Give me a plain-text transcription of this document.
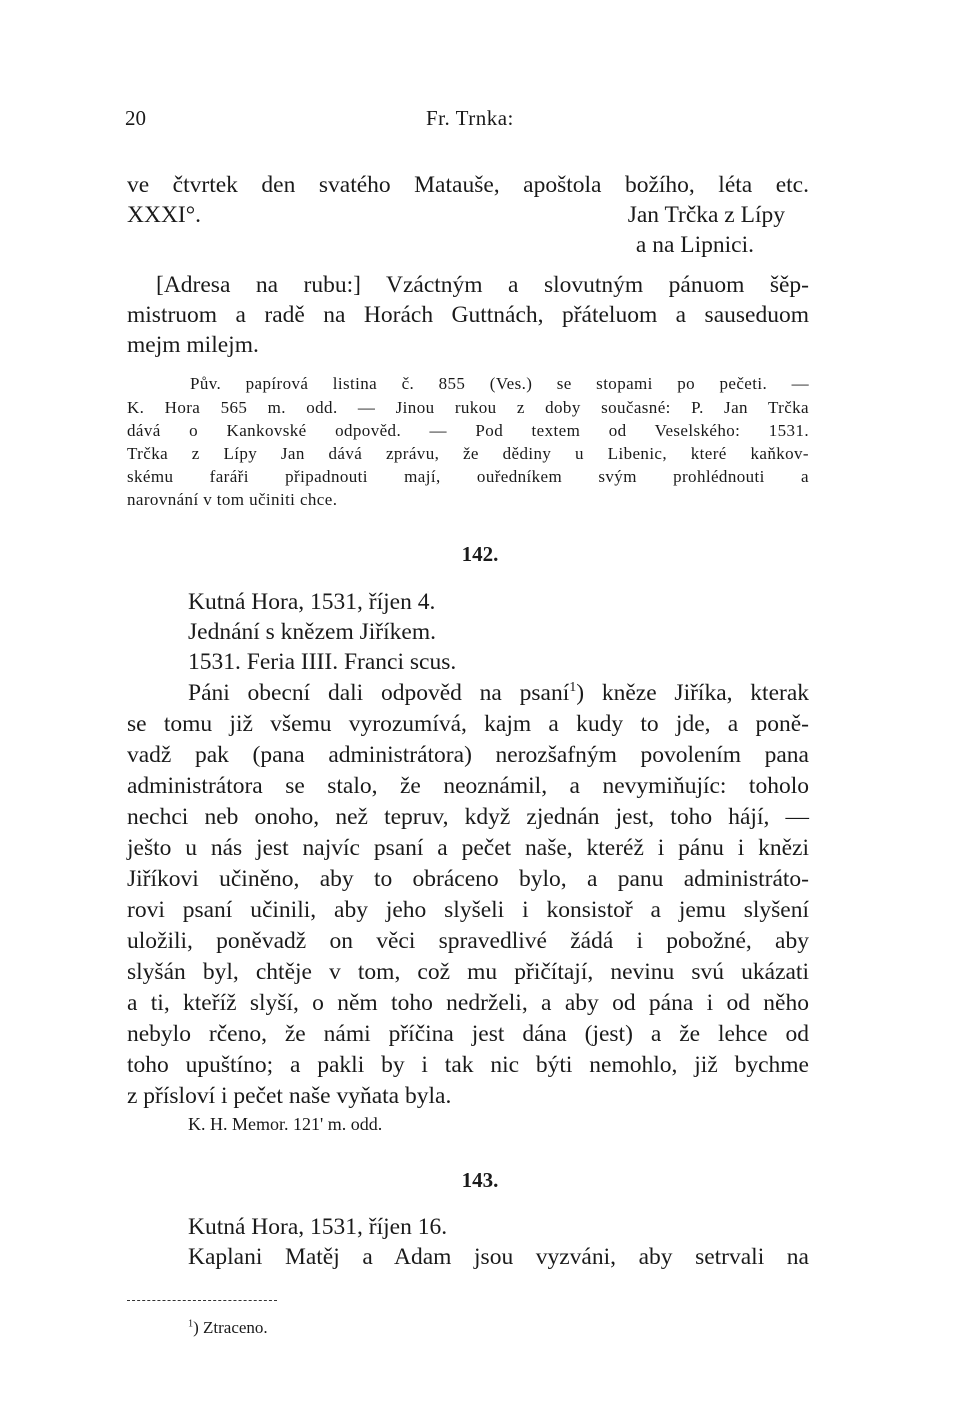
20	Fr. Trnka:
ve čtvrtek den svatého Matauše, apoštola božího, léta etc.
XXXI°.	Jan Trčka z Lípy
a na Lipnici.
[Adresa na rubu:] Vzáctným a slovutným pánuom šěp-
mistruom a radě na Horách Guttnách, přáteluom a sauseduom
mejm milejm.
Pův. papírová listina č. 855 (Ves.) se stopami po pečeti. —
K. Hora 565 m. odd. — Jinou rukou z doby současné: P. Jan Trčka
dává o Kankovské odpověd. — Pod textem od Veselského: 1531.
Trčka z Lípy Jan dává zprávu, že dědiny u Libenic, které kaňkov-
skému faráři připadnouti mají, ouředníkem svým prohlédnouti a
narovnání v tom učiniti chce.
142.
Kutná Hora, 1531, říjen 4.
Jednání s knězem Jiříkem.
1531. Feria IIII. Franci scus.
Páni obecní dali odpověd na psaní$^1$) kněze Jiříka, kterak
se tomu již všemu vyrozumívá, kajm a kudy to jde, a poně-
vadž pak (pana administrátora) nerozšafným povolením pana
administrátora se stalo, že neoznámil, a nevymiňujíc: toholo
nechci neb onoho, než tepruv, když zjednán jest, toho hájí, —
ješto u nás jest najvíc psaní a pečet naše, kteréž i pánu i knězi
Jiříkovi učiněno, aby to obráceno bylo, a panu administráto-
rovi psaní učinili, aby jeho slyšeli i konsistoř a jemu slyšení
uložili, poněvadž on věci spravedlivé žádá i pobožné, aby
slyšán byl, chtěje v tom, což mu přičítají, nevinu svú ukázati
a ti, kteříž slyší, o něm toho nedrželi, a aby od pána i od něho
nebylo rčeno, že námi příčina jest dána (jest) a že lehce od
toho upuštíno; a pakli by i tak nic býti nemohlo, již bychme
z přísloví i pečet naše vyňata byla.
K. H. Memor. 121' m. odd.
143.
Kutná Hora, 1531, říjen 16.
Kaplani Matěj a Adam jsou vyzváni, aby setrvali na
$^1$) Ztraceno.
